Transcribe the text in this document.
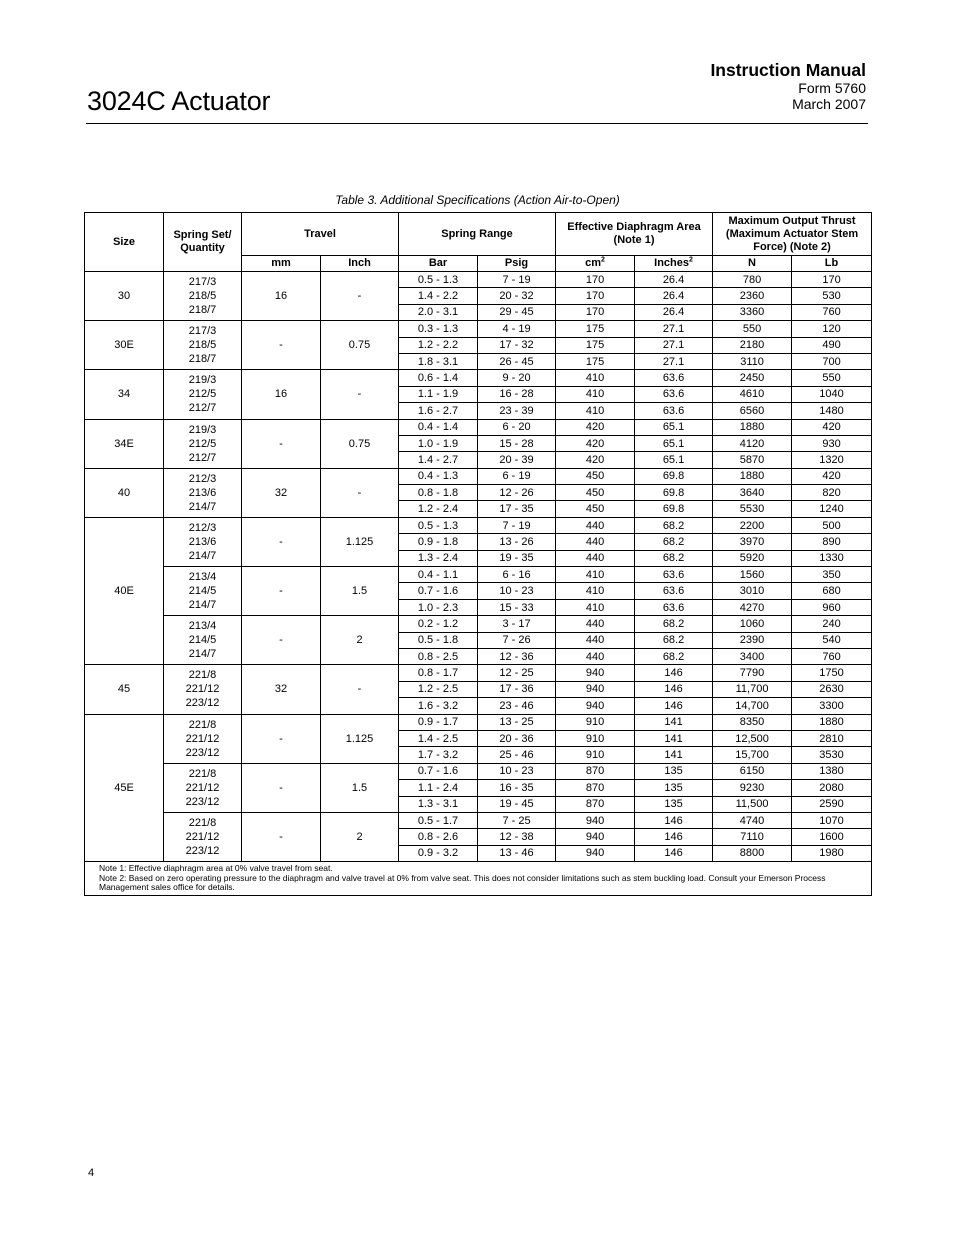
3024C Actuator
Instruction Manual
Form 5760
March 2007
Table 3. Additional Specifications (Action Air-to-Open)
Size	Spring Set/ Quantity	Travel		Spring Range		Effective Diaphragm Area (Note 1)		Maximum Output Thrust (Maximum Actuator Stem Force) (Note 2)	
		mm	Inch	Bar	Psig	$cm^2$	Inches$^2$	N	Lb
30	217/3
218/5
218/7	16	-	0.5 - 1.3	7 - 19	170	26.4	780	170
				1.4 - 2.2	20 - 32	170	26.4	2360	530
				2.0 - 3.1	29 - 45	170	26.4	3360	760
30E	217/3
218/5
218/7	-	0.75	0.3 - 1.3	4 - 19	175	27.1	550	120
				1.2 - 2.2	17 - 32	175	27.1	2180	490
				1.8 - 3.1	26 - 45	175	27.1	3110	700
34	219/3
212/5
212/7	16	-	0.6 - 1.4	9 - 20	410	63.6	2450	550
				1.1 - 1.9	16 - 28	410	63.6	4610	1040
				1.6 - 2.7	23 - 39	410	63.6	6560	1480
34E	219/3
212/5
212/7	-	0.75	0.4 - 1.4	6 - 20	420	65.1	1880	420
				1.0 - 1.9	15 - 28	420	65.1	4120	930
				1.4 - 2.7	20 - 39	420	65.1	5870	1320
40	212/3
213/6
214/7	32	-	0.4 - 1.3	6 - 19	450	69.8	1880	420
				0.8 - 1.8	12 - 26	450	69.8	3640	820
				1.2 - 2.4	17 - 35	450	69.8	5530	1240
40E	212/3
213/6
214/7	-	1.125	0.5 - 1.3	7 - 19	440	68.2	2200	500
				0.9 - 1.8	13 - 26	440	68.2	3970	890
				1.3 - 2.4	19 - 35	440	68.2	5920	1330

	213/4
214/5
214/7	-	1.5	0.4 - 1.1	6 - 16	410	63.6	1560	350
				0.7 - 1.6	10 - 23	410	63.6	3010	680
				1.0 - 2.3	15 - 33	410	63.6	4270	960

	213/4
214/5
214/7	-	2	0.2 - 1.2	3 - 17	440	68.2	1060	240
				0.5 - 1.8	7 - 26	440	68.2	2390	540
				0.8 - 2.5	12 - 36	440	68.2	3400	760
45	221/8
221/12
223/12	32	-	0.8 - 1.7	12 - 25	940	146	7790	1750
				1.2 - 2.5	17 - 36	940	146	11,700	2630
				1.6 - 3.2	23 - 46	940	146	14,700	3300
45E	221/8
221/12
223/12	-	1.125	0.9 - 1.7	13 - 25	910	141	8350	1880
				1.4 - 2.5	20 - 36	910	141	12,500	2810
				1.7 - 3.2	25 - 46	910	141	15,700	3530

	221/8
221/12
223/12	-	1.5	0.7 - 1.6	10 - 23	870	135	6150	1380
				1.1 - 2.4	16 - 35	870	135	9230	2080
				1.3 - 3.1	19 - 45	870	135	11,500	2590

	221/8
221/12
223/12	-	2	0.5 - 1.7	7 - 25	940	146	4740	1070
				0.8 - 2.6	12 - 38	940	146	7110	1600
				0.9 - 3.2	13 - 46	940	146	8800	1980

Note 1: Effective diaphragm area at 0% valve travel from seat.
Note 2: Based on zero operating pressure to the diaphragm and valve travel at 0% from valve seat. This does not consider limitations such as stem buckling load. Consult your Emerson Process Management sales office for details.									
4
